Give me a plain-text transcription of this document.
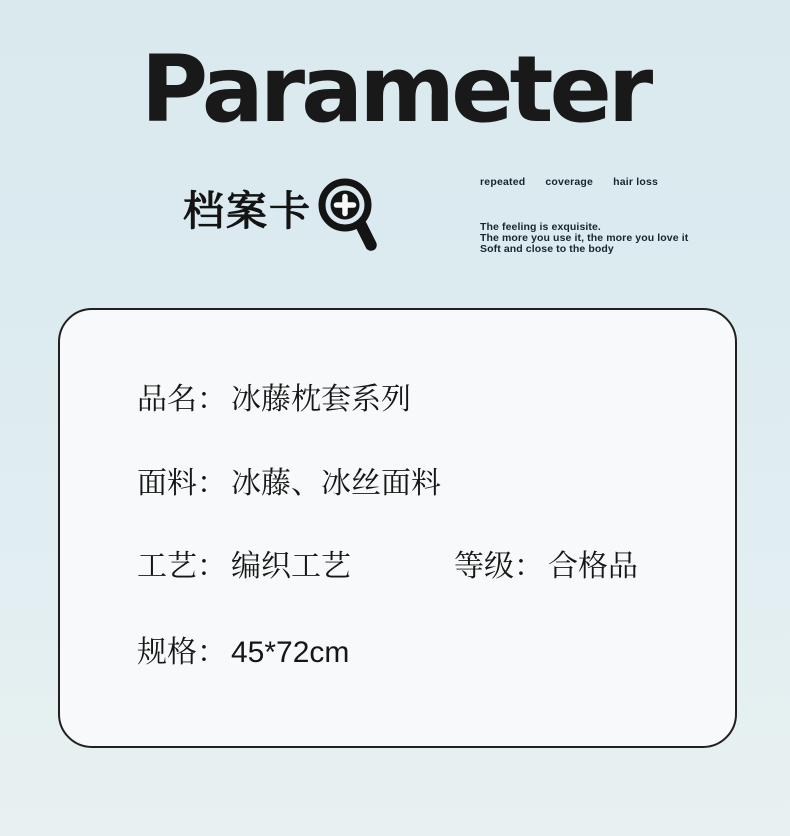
Parameter
档案卡
repeated coverage hair loss
The feeling is exquisite.
The more you use it, the more you love it
Soft and close to the body
品名： 冰藤枕套系列
面料： 冰藤、冰丝面料
工艺： 编织工艺	等级： 合格品
规格： 45*72cm
